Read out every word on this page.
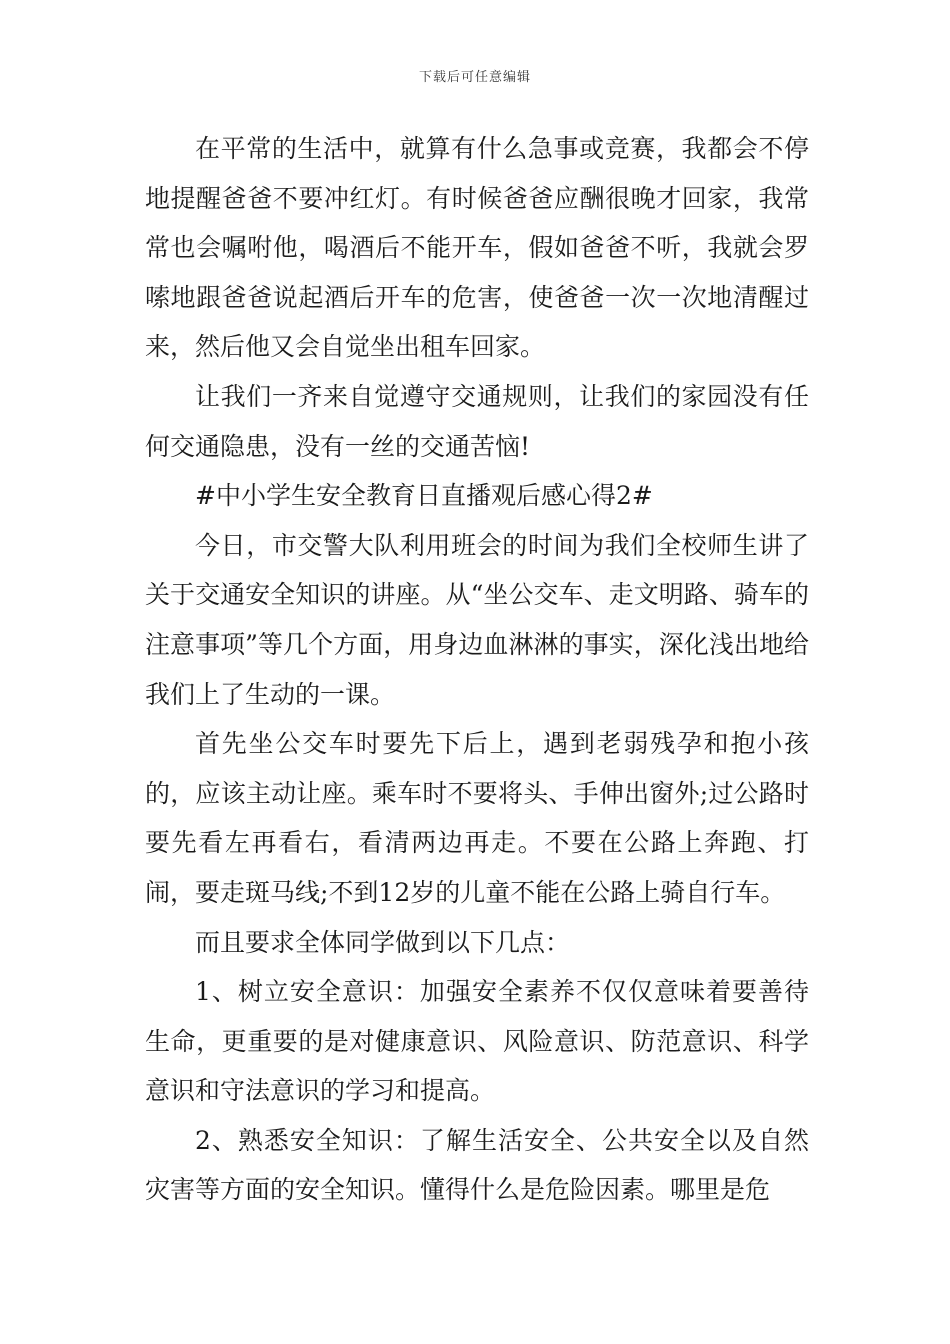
下载后可任意编辑

在平常的生活中，就算有什么急事或竞赛，我都会不停地提醒爸爸不要冲红灯。有时候爸爸应酬很晚才回家，我常常也会嘱咐他，喝酒后不能开车，假如爸爸不听，我就会罗嗦地跟爸爸说起酒后开车的危害，使爸爸一次一次地清醒过来，然后他又会自觉坐出租车回家。

让我们一齐来自觉遵守交通规则，让我们的家园没有任何交通隐患，没有一丝的交通苦恼!

#中小学生安全教育日直播观后感心得2#

今日，市交警大队利用班会的时间为我们全校师生讲了关于交通安全知识的讲座。从“坐公交车、走文明路、骑车的注意事项”等几个方面，用身边血淋淋的事实，深化浅出地给我们上了生动的一课。

首先坐公交车时要先下后上，遇到老弱残孕和抱小孩的，应该主动让座。乘车时不要将头、手伸出窗外;过公路时要先看左再看右，看清两边再走。不要在公路上奔跑、打闹，要走斑马线;不到12岁的儿童不能在公路上骑自行车。

而且要求全体同学做到以下几点：

1、树立安全意识：加强安全素养不仅仅意味着要善待生命，更重要的是对健康意识、风险意识、防范意识、科学意识和守法意识的学习和提高。

2、熟悉安全知识：了解生活安全、公共安全以及自然灾害等方面的安全知识。懂得什么是危险因素。哪里是危
